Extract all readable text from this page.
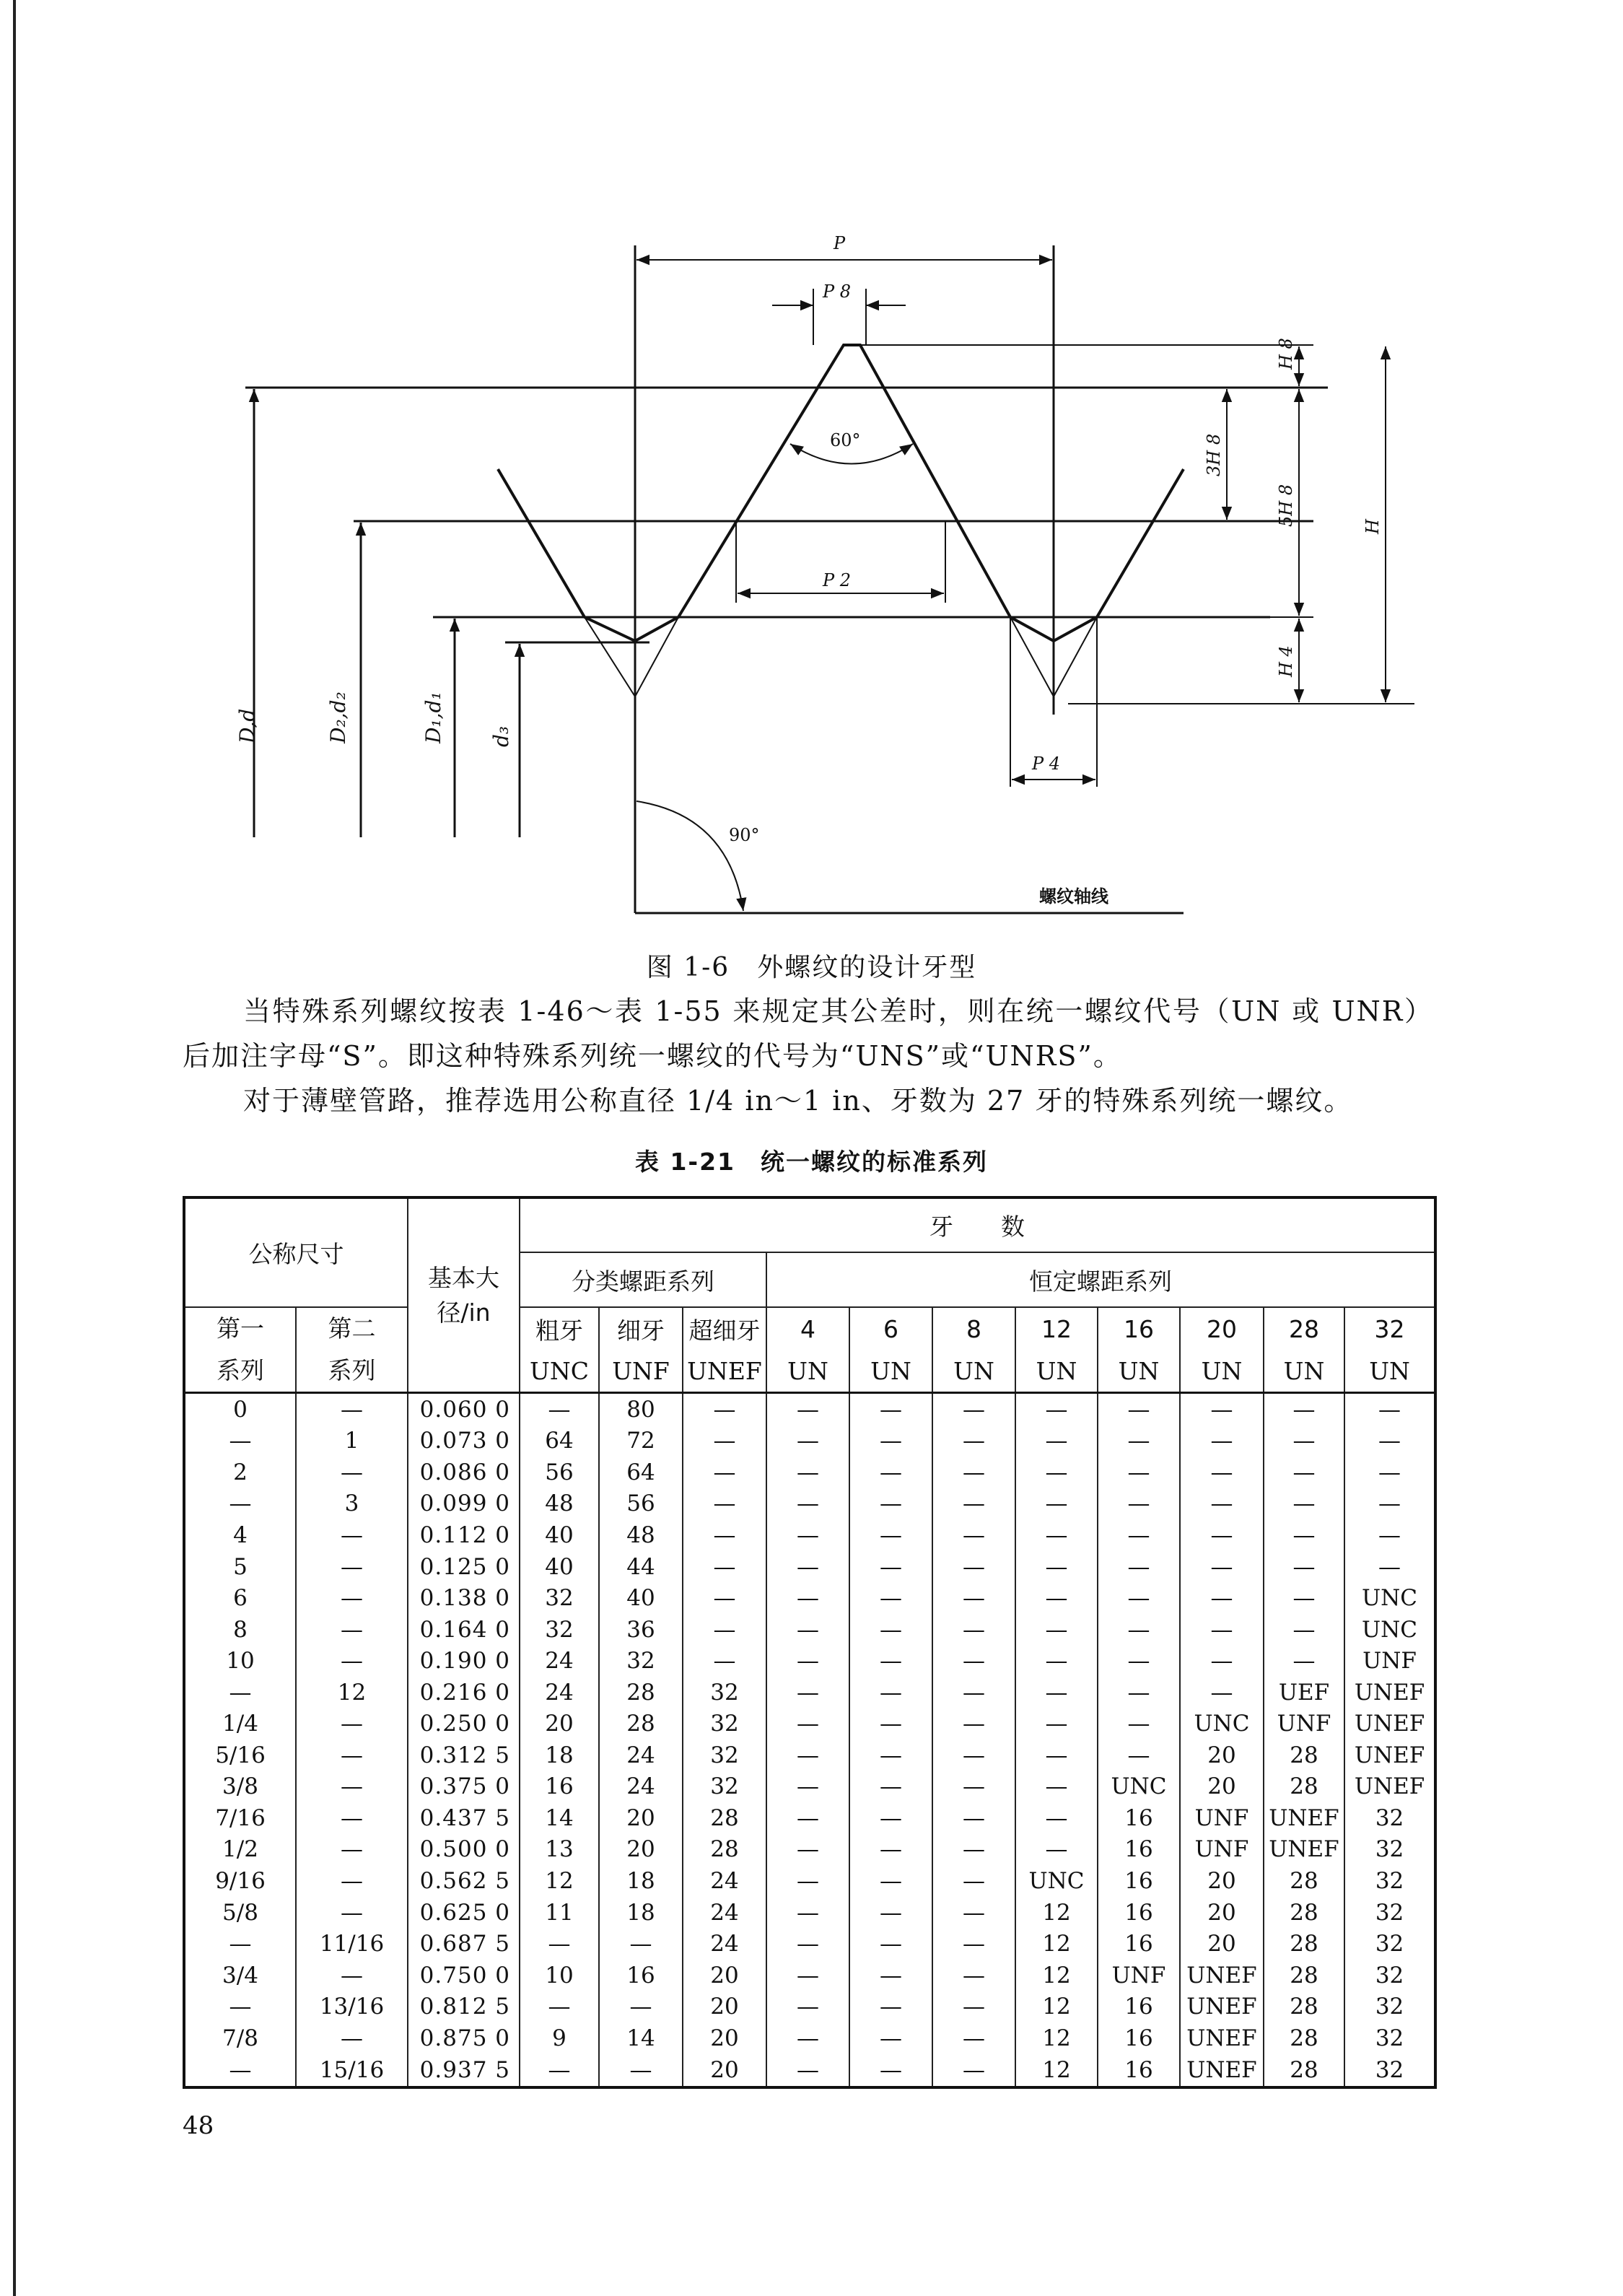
P
P 8
P 2
P 4
60°
90°
H 8
3H 8
5H 8	H
H 4
D,d	D₂,d₂	D₁,d₁ d₃
螺纹轴线
图 1-6　外螺纹的设计牙型
当特殊系列螺纹按表 1-46～表 1-55 来规定其公差时，则在统一螺纹代号（UN 或 UNR）后加注字母“S”。即这种特殊系列统一螺纹的代号为“UNS”或“UNRS”。
对于薄壁管路，推荐选用公称直径 1/4 in～1 in、牙数为 27 牙的特殊系列统一螺纹。
表 1-21　统一螺纹的标准系列
公称尺寸		基本大径/in	牙　　数										
			分类螺距系列			恒定螺距系列							
第一系列	第二系列		粗牙	细牙	超细牙	4	6	8	12	16	20	28	32
			UNC	UNF	UNEF	UN	UN	UN	UN	UN	UN	UN	UN
0	—	0.060 0	—	80	—	—	—	—	—	—	—	—	—
—	1	0.073 0	64	72	—	—	—	—	—	—	—	—	—
2	—	0.086 0	56	64	—	—	—	—	—	—	—	—	—
—	3	0.099 0	48	56	—	—	—	—	—	—	—	—	—
4	—	0.112 0	40	48	—	—	—	—	—	—	—	—	—
5	—	0.125 0	40	44	—	—	—	—	—	—	—	—	—
6	—	0.138 0	32	40	—	—	—	—	—	—	—	—	UNC
8	—	0.164 0	32	36	—	—	—	—	—	—	—	—	UNC
10	—	0.190 0	24	32	—	—	—	—	—	—	—	—	UNF
—	12	0.216 0	24	28	32	—	—	—	—	—	—	UEF	UNEF
1/4	—	0.250 0	20	28	32	—	—	—	—	—	UNC	UNF	UNEF
5/16	—	0.312 5	18	24	32	—	—	—	—	—	20	28	UNEF
3/8	—	0.375 0	16	24	32	—	—	—	—	UNC	20	28	UNEF
7/16	—	0.437 5	14	20	28	—	—	—	—	16	UNF	UNEF	32
1/2	—	0.500 0	13	20	28	—	—	—	—	16	UNF	UNEF	32
9/16	—	0.562 5	12	18	24	—	—	—	UNC	16	20	28	32
5/8	—	0.625 0	11	18	24	—	—	—	12	16	20	28	32
—	11/16	0.687 5	—	—	24	—	—	—	12	16	20	28	32
3/4	—	0.750 0	10	16	20	—	—	—	12	UNF	UNEF	28	32
—	13/16	0.812 5	—	—	20	—	—	—	12	16	UNEF	28	32
7/8	—	0.875 0	9	14	20	—	—	—	12	16	UNEF	28	32
—	15/16	0.937 5	—	—	20	—	—	—	12	16	UNEF	28	32
48
